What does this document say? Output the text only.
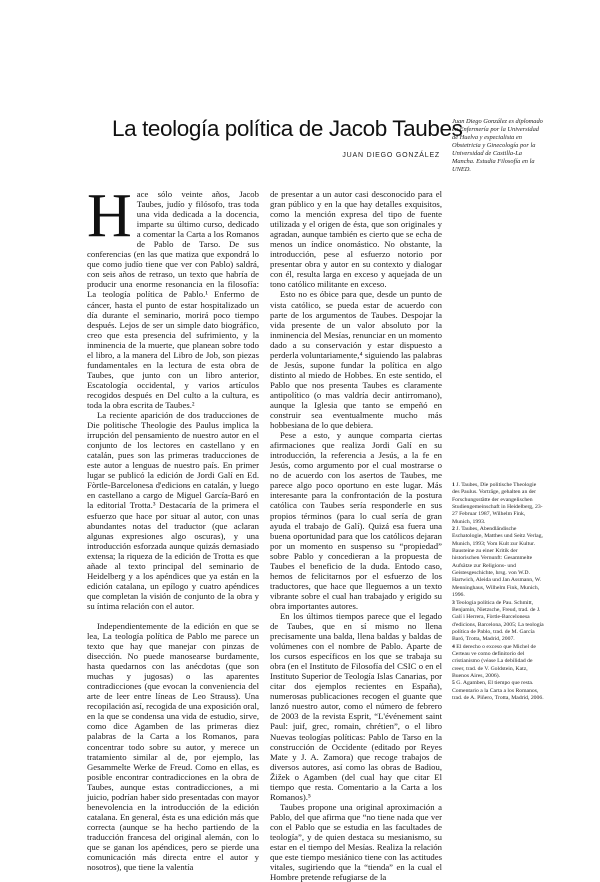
La teología política de Jacob Taubes
JUAN DIEGO GONZÁLEZ
Juan Diego González es diplomado en Enfermería por la Universidad de Huelva y especialista en Obstetricia y Ginecología por la Universidad de Castilla-La Mancha. Estudia Filosofía en la UNED.

Hace sólo veinte años, Jacob Taubes, judío y filósofo, tras toda una vida dedicada a la docencia, imparte su último curso, dedicado a comentar la Carta a los Romanos de Pablo de Tarso. De sus conferencias (en las que matiza que expondrá lo que como judío tiene que ver con Pablo) saldrá, con seis años de retraso, un texto que habría de producir una enorme resonancia en la filosofía: La teología política de Pablo.¹ Enfermo de cáncer, hasta el punto de estar hospitalizado un día durante el seminario, morirá poco tiempo después. Lejos de ser un simple dato biográfico, creo que esta presencia del sufrimiento, y la inminencia de la muerte, que planean sobre todo el libro, a la manera del Libro de Job, son piezas fundamentales en la lectura de esta obra de Taubes, que junto con un libro anterior, Escatología occidental, y varios artículos recogidos después en Del culto a la cultura, es toda la obra escrita de Taubes.²

La reciente aparición de dos traducciones de Die politische Theologie des Paulus implica la irrupción del pensamiento de nuestro autor en el conjunto de los lectores en castellano y en catalán, pues son las primeras traducciones de este autor a lenguas de nuestro país. En primer lugar se publicó la edición de Jordi Galí en Ed. Fòrtle-Barcelonesa d'edicions en catalán, y luego en castellano a cargo de Miguel García-Baró en la editorial Trotta.³ Destacaría de la primera el esfuerzo que hace por situar al autor, con unas abundantes notas del traductor (que aclaran algunas expresiones algo oscuras), y una introducción esforzada aunque quizás demasiado extensa; la riqueza de la edición de Trotta es que añade al texto principal del seminario de Heidelberg y a los apéndices que ya están en la edición catalana, un epílogo y cuatro apéndices que completan la visión de conjunto de la obra y su íntima relación con el autor.

Independientemente de la edición en que se lea, La teología política de Pablo me parece un texto que hay que manejar con pinzas de disección. No puede manosearse burdamente, hasta quedarnos con las anécdotas (que son muchas y jugosas) o las aparentes contradicciones (que evocan la conveniencia del arte de leer entre líneas de Leo Strauss). Una recopilación así, recogida de una exposición oral, en la que se condensa una vida de estudio, sirve, como dice Agamben de las primeras diez palabras de la Carta a los Romanos, para concentrar todo sobre su autor, y merece un tratamiento similar al de, por ejemplo, las Gesammelte Werke de Freud. Como en ellas, es posible encontrar contradicciones en la obra de Taubes, aunque estas contradicciones, a mi juicio, podrían haber sido presentadas con mayor benevolencia en la introducción de la edición catalana. En general, ésta es una edición más que correcta (aunque se ha hecho partiendo de la traducción francesa del original alemán, con lo que se ganan los apéndices, pero se pierde una comunicación más directa entre el autor y nosotros), que tiene la valentía

de presentar a un autor casi desconocido para el gran público y en la que hay detalles exquisitos, como la mención expresa del tipo de fuente utilizada y el origen de ésta, que son originales y agradan, aunque también es cierto que se echa de menos un índice onomástico. No obstante, la introducción, pese al esfuerzo notorio por presentar obra y autor en su contexto y dialogar con él, resulta larga en exceso y aquejada de un tono católico militante en exceso.

Esto no es óbice para que, desde un punto de vista católico, se pueda estar de acuerdo con parte de los argumentos de Taubes. Despojar la vida presente de un valor absoluto por la inminencia del Mesías, renunciar en un momento dado a su conservación y estar dispuesto a perderla voluntariamente,⁴ siguiendo las palabras de Jesús, supone fundar la política en algo distinto al miedo de Hobbes. En este sentido, el Pablo que nos presenta Taubes es claramente antipolítico (o mas valdría decir antirromano), aunque la Iglesia que tanto se empeñó en construir sea eventualmente mucho más hobbesiana de lo que debiera.

Pese a esto, y aunque comparta ciertas afirmaciones que realiza Jordi Galí en su introducción, la referencia a Jesús, a la fe en Jesús, como argumento por el cual mostrarse o no de acuerdo con los asertos de Taubes, me parece algo poco oportuno en este lugar. Más interesante para la confrontación de la postura católica con Taubes sería responderle en sus propios términos (para lo cual sería de gran ayuda el trabajo de Galí). Quizá esa fuera una buena oportunidad para que los católicos dejaran por un momento en suspenso su “propiedad” sobre Pablo y concedieran a la propuesta de Taubes el beneficio de la duda. Entodo caso, hemos de felicitarnos por el esfuerzo de los traductores, que hace que lleguemos a un texto vibrante sobre el cual han trabajado y erigido su obra importantes autores.

En los últimos tiempos parece que el legado de Taubes, que en sí mismo no llena precisamente una balda, llena baldas y baldas de volúmenes con el nombre de Pablo. Aparte de los cursos específicos en los que se trabaja su obra (en el Instituto de Filosofía del CSIC o en el Instituto Superior de Teología Islas Canarias, por citar dos ejemplos recientes en España), numerosas publicaciones recogen el guante que lanzó nuestro autor, como el número de febrero de 2003 de la revista Esprit, “L'événement saint Paul: juif, grec, romain, chrétien”, o el libro Nuevas teologías políticas: Pablo de Tarso en la construcción de Occidente (editado por Reyes Mate y J. A. Zamora) que recoge trabajos de diversos autores, así como las obras de Badiou, Žižek o Agamben (del cual hay que citar El tiempo que resta. Comentario a la Carta a los Romanos).⁵

Taubes propone una original aproximación a Pablo, del que afirma que “no tiene nada que ver con el Pablo que se estudia en las facultades de teología”, y de quien destaca su mesianismo, su estar en el tiempo del Mesías. Realiza la relación que este tiempo mesiánico tiene con las actitudes vitales, sugiriendo que la “tienda” en la cual el Hombre pretende refugiarse de la

1 J. Taubes, Die politische Theologie des Paulus. Vorträge, gehalten an der Forschungsstätte der evangelischen Studiengemeinschaft in Heidelberg, 23-27 Februar 1987, Wilhelm Fink, Munich, 1993.

2 J. Taubes, Abendländische Eschatologie, Matthes und Seitz Verlag, Munich, 1993; Vom Kult zur Kultur. Bausteine zu einer Kritik der historischen Vernunft: Gesammelte Aufsätze zur Religions- und Geistesgeschichte, hrsg. von W.D. Hartwich, Aleida und Jan Assmann, W. Menninghaus, Wilhelm Fink, Munich, 1996.

3 Teologia política de Pau. Schmitt, Benjamin, Nietzsche, Freud, trad. de J. Galí i Herrera, Fòrtle-Barcelonesa d'edicions, Barcelona, 2005; La teología política de Pablo, trad. de M. García Baró, Trotta, Madrid, 2007.

4 El derecho o exceso que Michel de Certeau ve como definitorio del cristianismo (véase La debilidad de creer, trad. de V. Goldstein, Katz, Buenos Aires, 2006).

5 G. Agamben, El tiempo que resta. Comentario a la Carta a los Romanos, trad. de A. Piñero, Trotta, Madrid, 2006.
